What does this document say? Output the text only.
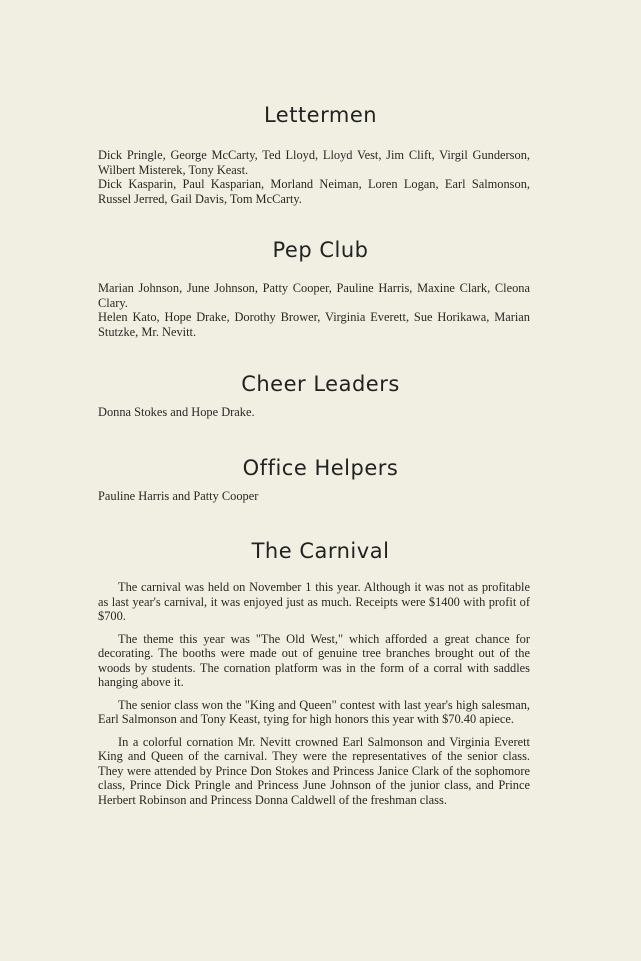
Lettermen

Dick Pringle, George McCarty, Ted Lloyd, Lloyd Vest, Jim Clift, Virgil Gunderson, Wilbert Misterek, Tony Keast.

Dick Kasparin, Paul Kasparian, Morland Neiman, Loren Logan, Earl Salmonson, Russel Jerred, Gail Davis, Tom McCarty.

Pep Club

Marian Johnson, June Johnson, Patty Cooper, Pauline Harris, Maxine Clark, Cleona Clary.

Helen Kato, Hope Drake, Dorothy Brower, Virginia Everett, Sue Horikawa, Marian Stutzke, Mr. Nevitt.

Cheer Leaders

Donna Stokes and Hope Drake.

Office Helpers

Pauline Harris and Patty Cooper

The Carnival

The carnival was held on November 1 this year. Although it was not as profitable as last year's carnival, it was enjoyed just as much. Receipts were $1400 with profit of $700.

The theme this year was "The Old West," which afforded a great chance for decorating. The booths were made out of genuine tree branches brought out of the woods by students. The cornation platform was in the form of a corral with saddles hanging above it.

The senior class won the "King and Queen" contest with last year's high salesman, Earl Salmonson and Tony Keast, tying for high honors this year with $70.40 apiece.

In a colorful cornation Mr. Nevitt crowned Earl Salmonson and Virginia Everett King and Queen of the carnival. They were the representatives of the senior class. They were attended by Prince Don Stokes and Princess Janice Clark of the sophomore class, Prince Dick Pringle and Princess June Johnson of the junior class, and Prince Herbert Robinson and Princess Donna Caldwell of the freshman class.
